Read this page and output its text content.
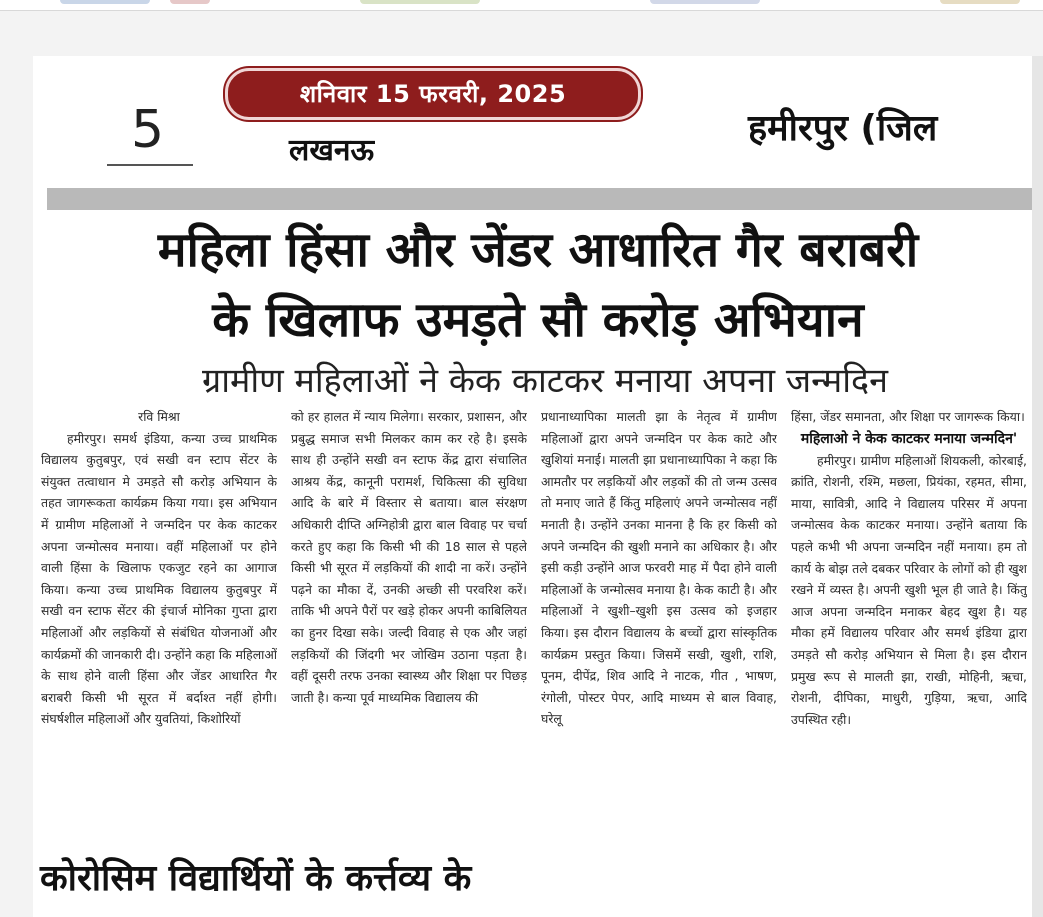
शनिवार 15 फरवरी, 2025
5	लखनऊ
हमीरपुर (जिल
महिला हिंसा और जेंडर आधारित गैर बराबरी
के खिलाफ उमड़ते सौ करोड़ अभियान
ग्रामीण महिलाओं ने केक काटकर मनाया अपना जन्मदिन
रवि मिश्रा
हमीरपुर। समर्थ इंडिया, कन्या उच्च प्राथमिक विद्यालय कुतुबपुर, एवं सखी वन स्टाप सेंटर के संयुक्त तत्वाधान मे उमड़ते सौ करोड़ अभियान के तहत जागरूकता कार्यक्रम किया गया। इस अभियान में ग्रामीण महिलाओं ने जन्मदिन पर केक काटकर अपना जन्मोत्सव मनाया। वहीं महिलाओं पर होने वाली हिंसा के खिलाफ एकजुट रहने का आगाज किया। कन्या उच्च प्राथमिक विद्यालय कुतुबपुर में सखी वन स्टाफ सेंटर की इंचार्ज मोनिका गुप्ता द्वारा महिलाओं और लड़कियों से संबंधित योजनाओं और कार्यक्रमों की जानकारी दी। उन्होंने कहा कि महिलाओं के साथ होने वाली हिंसा और जेंडर आधारित गैर बराबरी किसी भी सूरत में बर्दाश्त नहीं होगी। संघर्षशील महिलाओं और युवतियां, किशोरियों
को हर हालत में न्याय मिलेगा। सरकार, प्रशासन, और प्रबुद्ध समाज सभी मिलकर काम कर रहे है। इसके साथ ही उन्होंने सखी वन स्टाफ केंद्र द्वारा संचालित आश्रय केंद्र, कानूनी परामर्श, चिकित्सा की सुविधा आदि के बारे में विस्तार से बताया। बाल संरक्षण अधिकारी दीप्ति अग्निहोत्री द्वारा बाल विवाह पर चर्चा करते हुए कहा कि किसी भी की 18 साल से पहले किसी भी सूरत में लड़कियों की शादी ना करें। उन्होंने पढ़ने का मौका दें, उनकी अच्छी सी परवरिश करें। ताकि भी अपने पैरों पर खड़े होकर अपनी काबिलियत का हुनर दिखा सके। जल्दी विवाह से एक और जहां लड़कियों की जिंदगी भर जोखिम उठाना पड़ता है। वहीं दूसरी तरफ उनका स्वास्थ्य और शिक्षा पर पिछड़ जाती है। कन्या पूर्व माध्यमिक विद्यालय की
प्रधानाध्यापिका मालती झा के नेतृत्व में ग्रामीण महिलाओं द्वारा अपने जन्मदिन पर केक काटे और खुशियां मनाई। मालती झा प्रधानाध्यापिका ने कहा कि आमतौर पर लड़कियों और लड़कों की तो जन्म उत्सव तो मनाए जाते हैं किंतु महिलाएं अपने जन्मोत्सव नहीं मनाती है। उन्होंने उनका मानना है कि हर किसी को अपने जन्मदिन की खुशी मनाने का अधिकार है। और इसी कड़ी उन्होंने आज फरवरी माह में पैदा होने वाली महिलाओं के जन्मोत्सव मनाया है। केक काटी है। और महिलाओं ने खुशी–खुशी इस उत्सव को इजहार किया। इस दौरान विद्यालय के बच्चों द्वारा सांस्कृतिक कार्यक्रम प्रस्तुत किया। जिसमें सखी, खुशी, राशि, पूनम, दीपेंद्र, शिव आदि ने नाटक, गीत , भाषण, रंगोली, पोस्टर पेपर, आदि माध्यम से बाल विवाह, घरेलू
हिंसा, जेंडर समानता, और शिक्षा पर जागरूक किया।
महिलाओ ने केक काटकर मनाया जन्मदिन'
हमीरपुर। ग्रामीण महिलाओं शियकली, कोरबाई, क्रांति, रोशनी, रश्मि, मछला, प्रियंका, रहमत, सीमा, माया, सावित्री, आदि ने विद्यालय परिसर में अपना जन्मोत्सव केक काटकर मनाया। उन्होंने बताया कि पहले कभी भी अपना जन्मदिन नहीं मनाया। हम तो कार्य के बोझ तले दबकर परिवार के लोगों को ही खुश रखने में व्यस्त है। अपनी खुशी भूल ही जाते है। किंतु आज अपना जन्मदिन मनाकर बेहद खुश है। यह मौका हमें विद्यालय परिवार और समर्थ इंडिया द्वारा उमड़ते सौ करोड़ अभियान से मिला है। इस दौरान प्रमुख रूप से मालती झा, राखी, मोहिनी, ऋचा, रोशनी, दीपिका, माधुरी, गुड़िया, ऋचा, आदि उपस्थित रही।
कोरोसिम विद्यार्थियों के कर्त्तव्य के
